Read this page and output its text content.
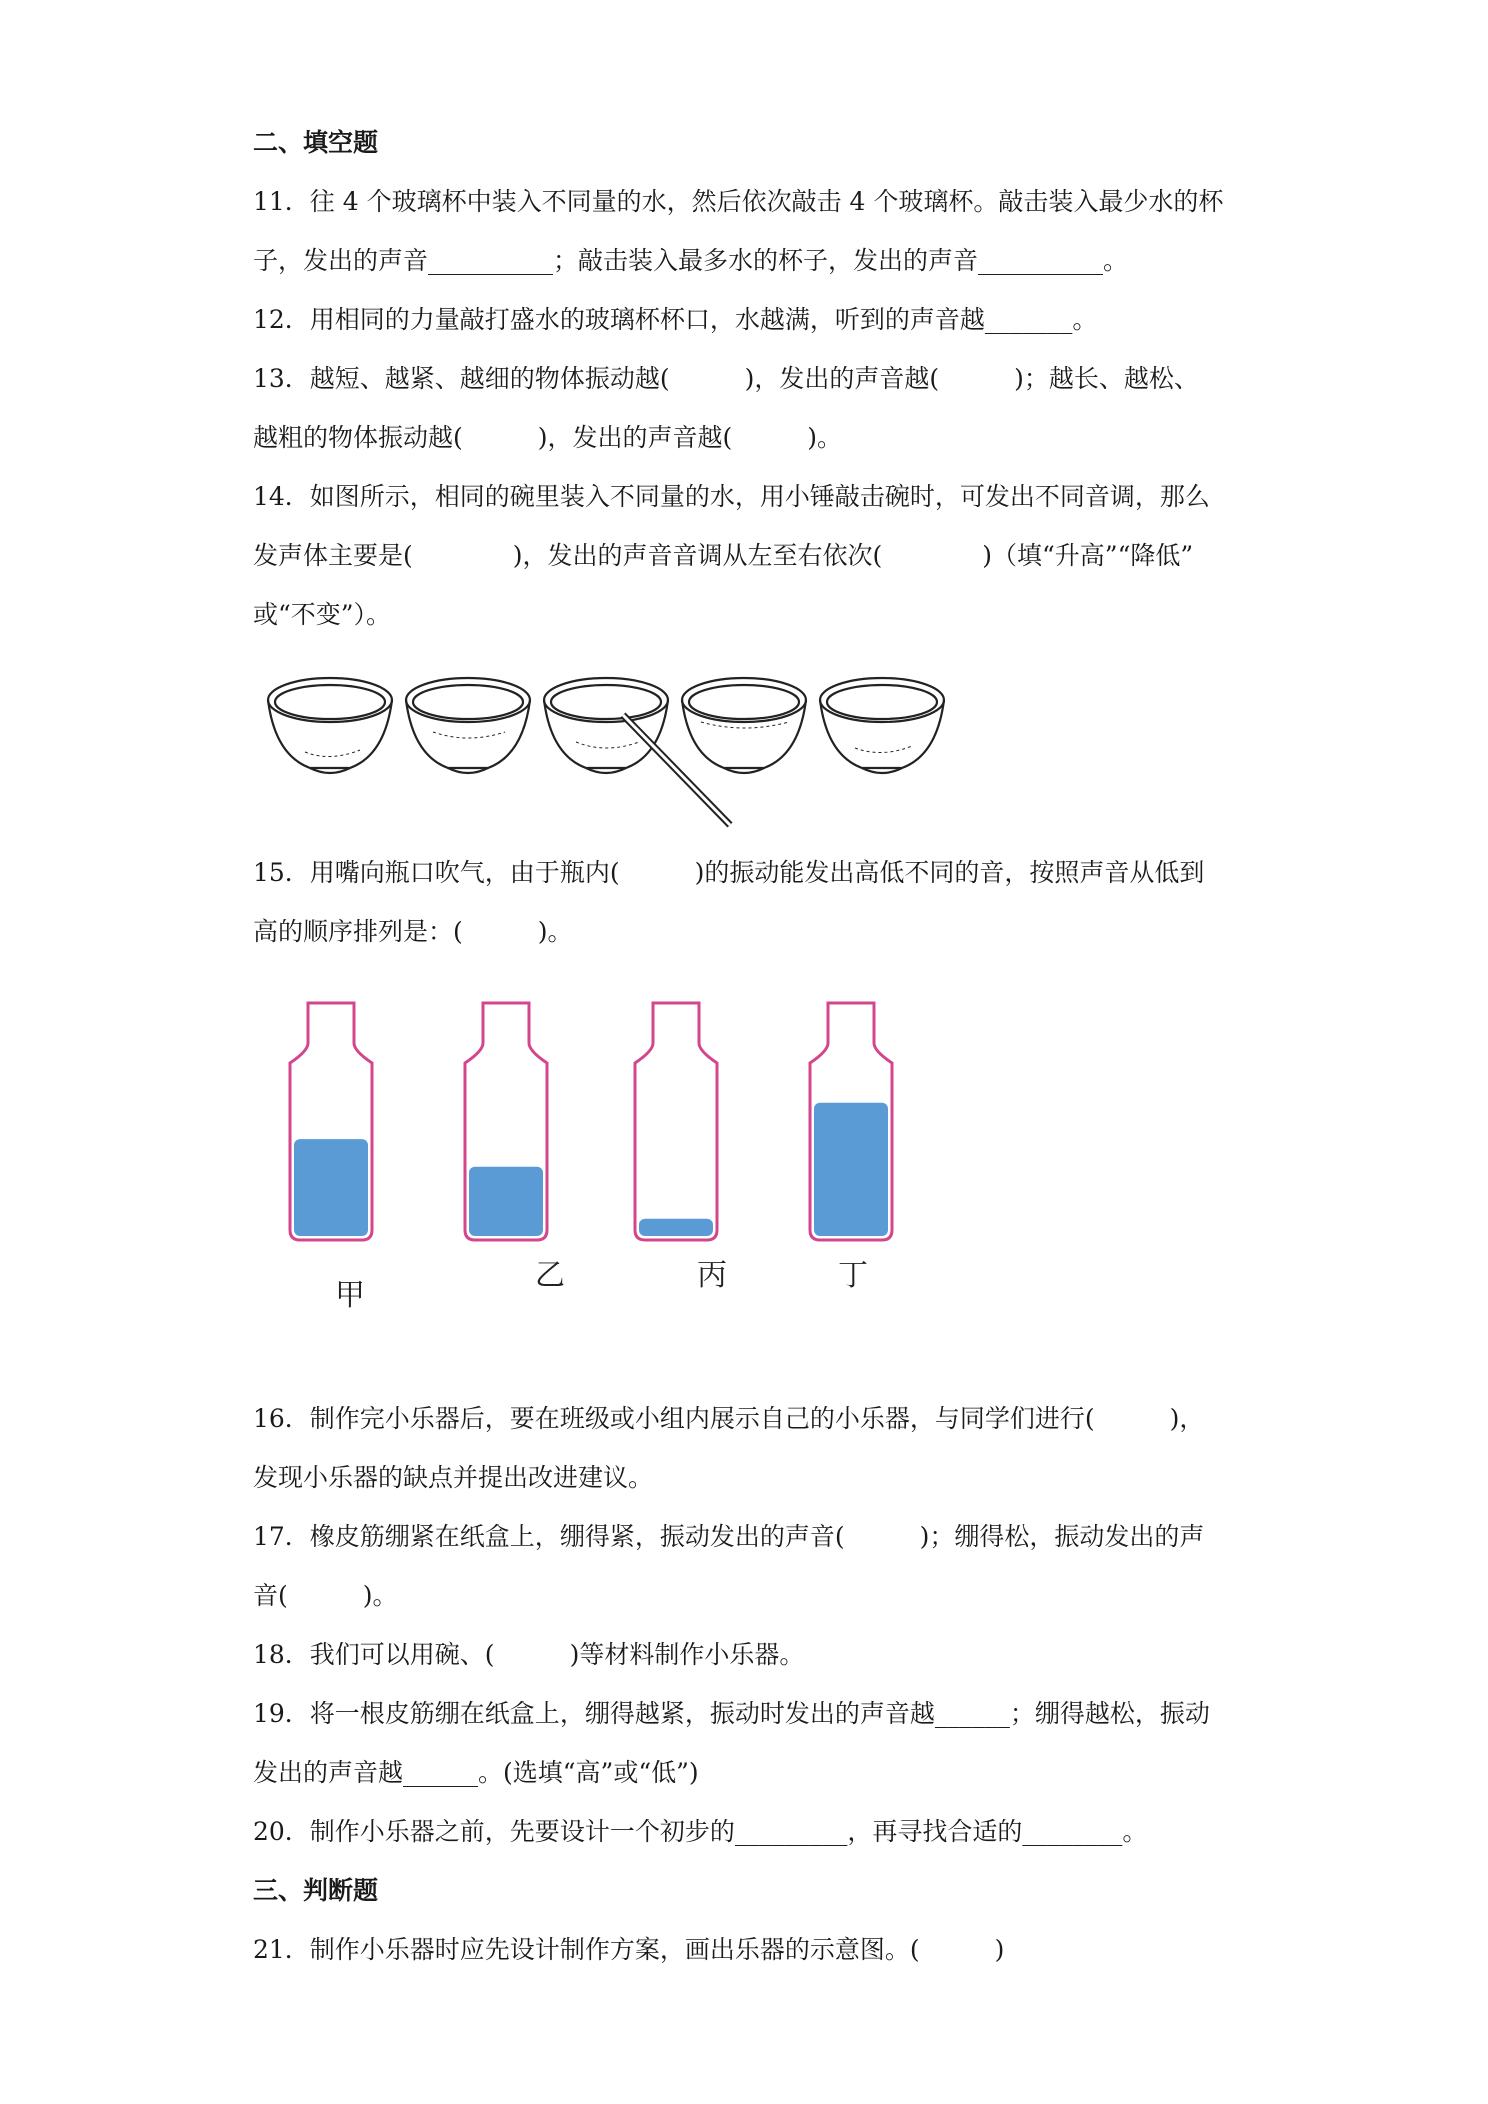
二、填空题
11．往 4 个玻璃杯中装入不同量的水，然后依次敲击 4 个玻璃杯。敲击装入最少水的杯
子，发出的声音__________；敲击装入最多水的杯子，发出的声音__________。
12．用相同的力量敲打盛水的玻璃杯杯口，水越满，听到的声音越_______。
13．越短、越紧、越细的物体振动越(　　　)，发出的声音越(　　　)；越长、越松、
越粗的物体振动越(　　　)，发出的声音越(　　　)。
14．如图所示，相同的碗里装入不同量的水，用小锤敲击碗时，可发出不同音调，那么
发声体主要是(　　　　)，发出的声音音调从左至右依次(　　　　)（填“升高”“降低”
或“不变”）。
15．用嘴向瓶口吹气，由于瓶内(　　　)的振动能发出高低不同的音，按照声音从低到
高的顺序排列是：(　　　)。
甲
乙	丙	丁
16．制作完小乐器后，要在班级或小组内展示自己的小乐器，与同学们进行(　　　)，
发现小乐器的缺点并提出改进建议。
17．橡皮筋绷紧在纸盒上，绷得紧，振动发出的声音(　　　)；绷得松，振动发出的声
音(　　　)。
18．我们可以用碗、(　　　)等材料制作小乐器。
19．将一根皮筋绷在纸盒上，绷得越紧，振动时发出的声音越______；绷得越松，振动
发出的声音越______。(选填“高”或“低”)
20．制作小乐器之前，先要设计一个初步的_________，再寻找合适的________。
三、判断题
21．制作小乐器时应先设计制作方案，画出乐器的示意图。(　　　)
